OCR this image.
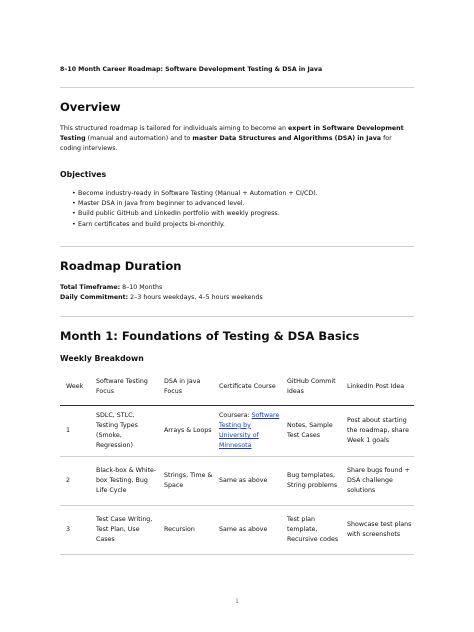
8–10 Month Career Roadmap: Software Development Testing & DSA in Java
Overview

This structured roadmap is tailored for individuals aiming to become an expert in Software Development Testing (manual and automation) and to master Data Structures and Algorithms (DSA) in Java for coding interviews.

Objectives
• Become industry-ready in Software Testing (Manual + Automation + CI/CD).
• Master DSA in Java from beginner to advanced level.
• Build public GitHub and LinkedIn portfolio with weekly progress.
• Earn certificates and build projects bi-monthly.
Roadmap Duration
Total Timeframe: 8–10 Months
Daily Commitment: 2–3 hours weekdays, 4–5 hours weekends
Month 1: Foundations of Testing & DSA Basics
Weekly Breakdown
Week	Software Testing Focus	DSA in Java Focus	Certificate Course	GitHub Commit Ideas	LinkedIn Post Idea
1	SDLC, STLC, Testing Types (Smoke, Regression)	Arrays & Loops	Coursera: Software Testing by University of Minnesota	Notes, Sample Test Cases	Post about starting the roadmap, share Week 1 goals
2	Black-box & White-box Testing, Bug Life Cycle	Strings, Time & Space	Same as above	Bug templates, String problems	Share bugs found + DSA challenge solutions
3	Test Case Writing, Test Plan, Use Cases	Recursion	Same as above	Test plan template, Recursive codes	Showcase test plans with screenshots
1
